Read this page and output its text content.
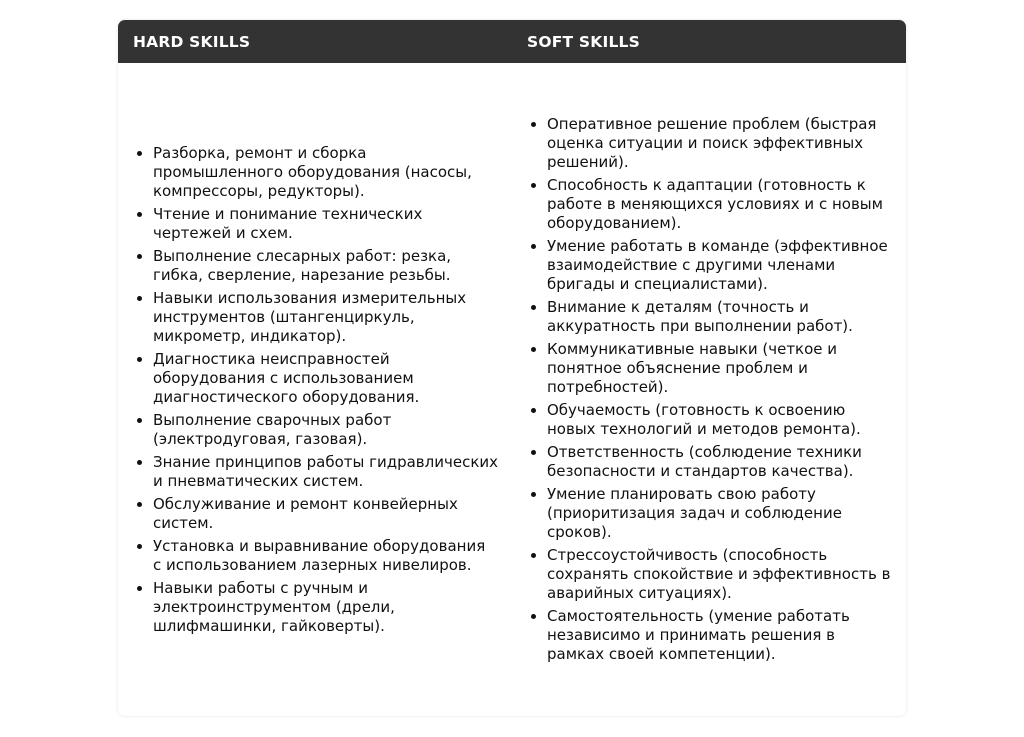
HARD SKILLS	SOFT SKILLS
• Разборка, ремонт и сборка промышленного оборудования (насосы, компрессоры, редукторы).
• Чтение и понимание технических чертежей и схем.
• Выполнение слесарных работ: резка, гибка, сверление, нарезание резьбы.
• Навыки использования измерительных инструментов (штангенциркуль, микрометр, индикатор).
• Диагностика неисправностей оборудования с использованием диагностического оборудования.
• Выполнение сварочных работ (электродуговая, газовая).
• Знание принципов работы гидравлических и пневматических систем.
• Обслуживание и ремонт конвейерных систем.
• Установка и выравнивание оборудования с использованием лазерных нивелиров.
• Навыки работы с ручным и электроинструментом (дрели, шлифмашинки, гайковерты).
• Оперативное решение проблем (быстрая оценка ситуации и поиск эффективных решений).
• Способность к адаптации (готовность к работе в меняющихся условиях и с новым оборудованием).
• Умение работать в команде (эффективное взаимодействие с другими членами бригады и специалистами).
• Внимание к деталям (точность и аккуратность при выполнении работ).
• Коммуникативные навыки (четкое и понятное объяснение проблем и потребностей).
• Обучаемость (готовность к освоению новых технологий и методов ремонта).
• Ответственность (соблюдение техники безопасности и стандартов качества).
• Умение планировать свою работу (приоритизация задач и соблюдение сроков).
• Стрессоустойчивость (способность сохранять спокойствие и эффективность в аварийных ситуациях).
• Самостоятельность (умение работать независимо и принимать решения в рамках своей компетенции).
